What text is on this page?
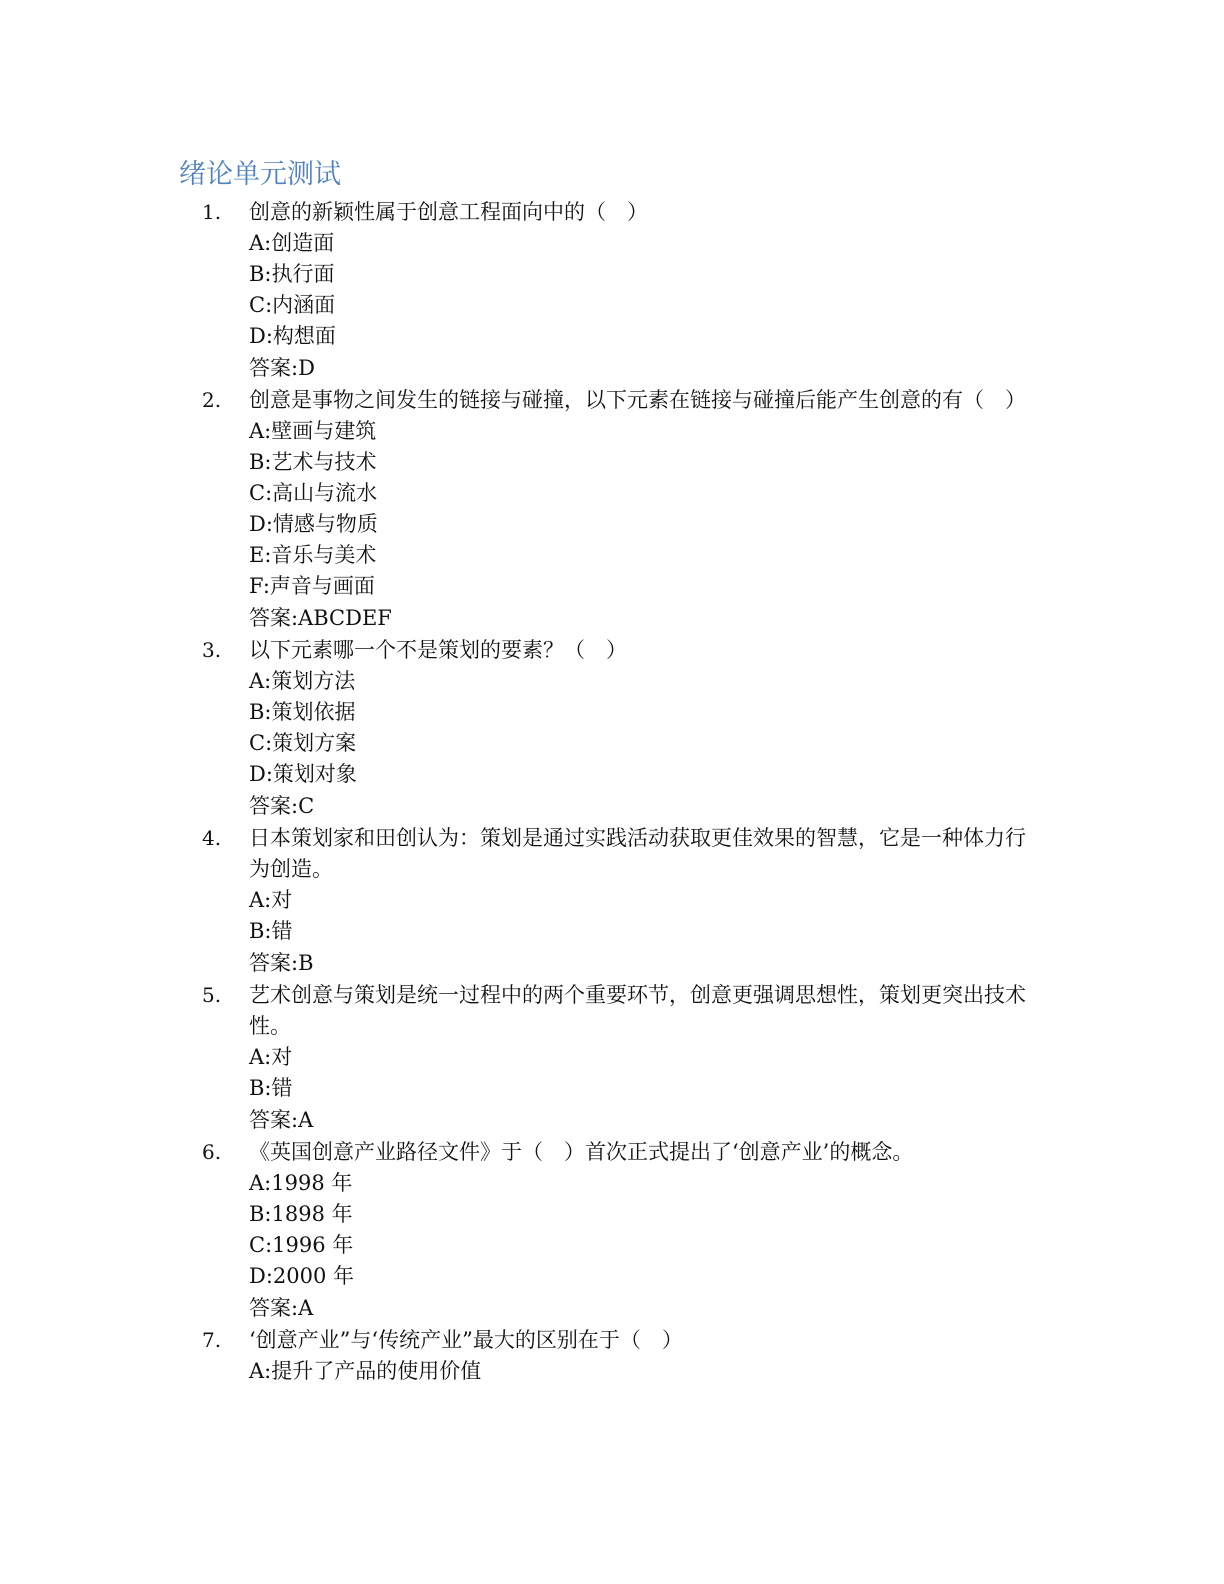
绪论单元测试
1.	创意的新颖性属于创意工程面向中的（　）
A:创造面
B:执行面
C:内涵面
D:构想面
答案:D
2.	创意是事物之间发生的链接与碰撞，以下元素在链接与碰撞后能产生创意的有（　）
A:壁画与建筑
B:艺术与技术
C:高山与流水
D:情感与物质
E:音乐与美术
F:声音与画面
答案:ABCDEF
3.	以下元素哪一个不是策划的要素？（　）
A:策划方法
B:策划依据
C:策划方案
D:策划对象
答案:C
4.	日本策划家和田创认为：策划是通过实践活动获取更佳效果的智慧，它是一种体力行为创造。
A:对
B:错
答案:B
5.	艺术创意与策划是统一过程中的两个重要环节，创意更强调思想性，策划更突出技术性。
A:对
B:错
答案:A
6.	《英国创意产业路径文件》于（　）首次正式提出了‘创意产业’的概念。
A:1998 年
B:1898 年
C:1996 年
D:2000 年
答案:A
7.	‘创意产业”与‘传统产业”最大的区别在于（　）
A:提升了产品的使用价值
